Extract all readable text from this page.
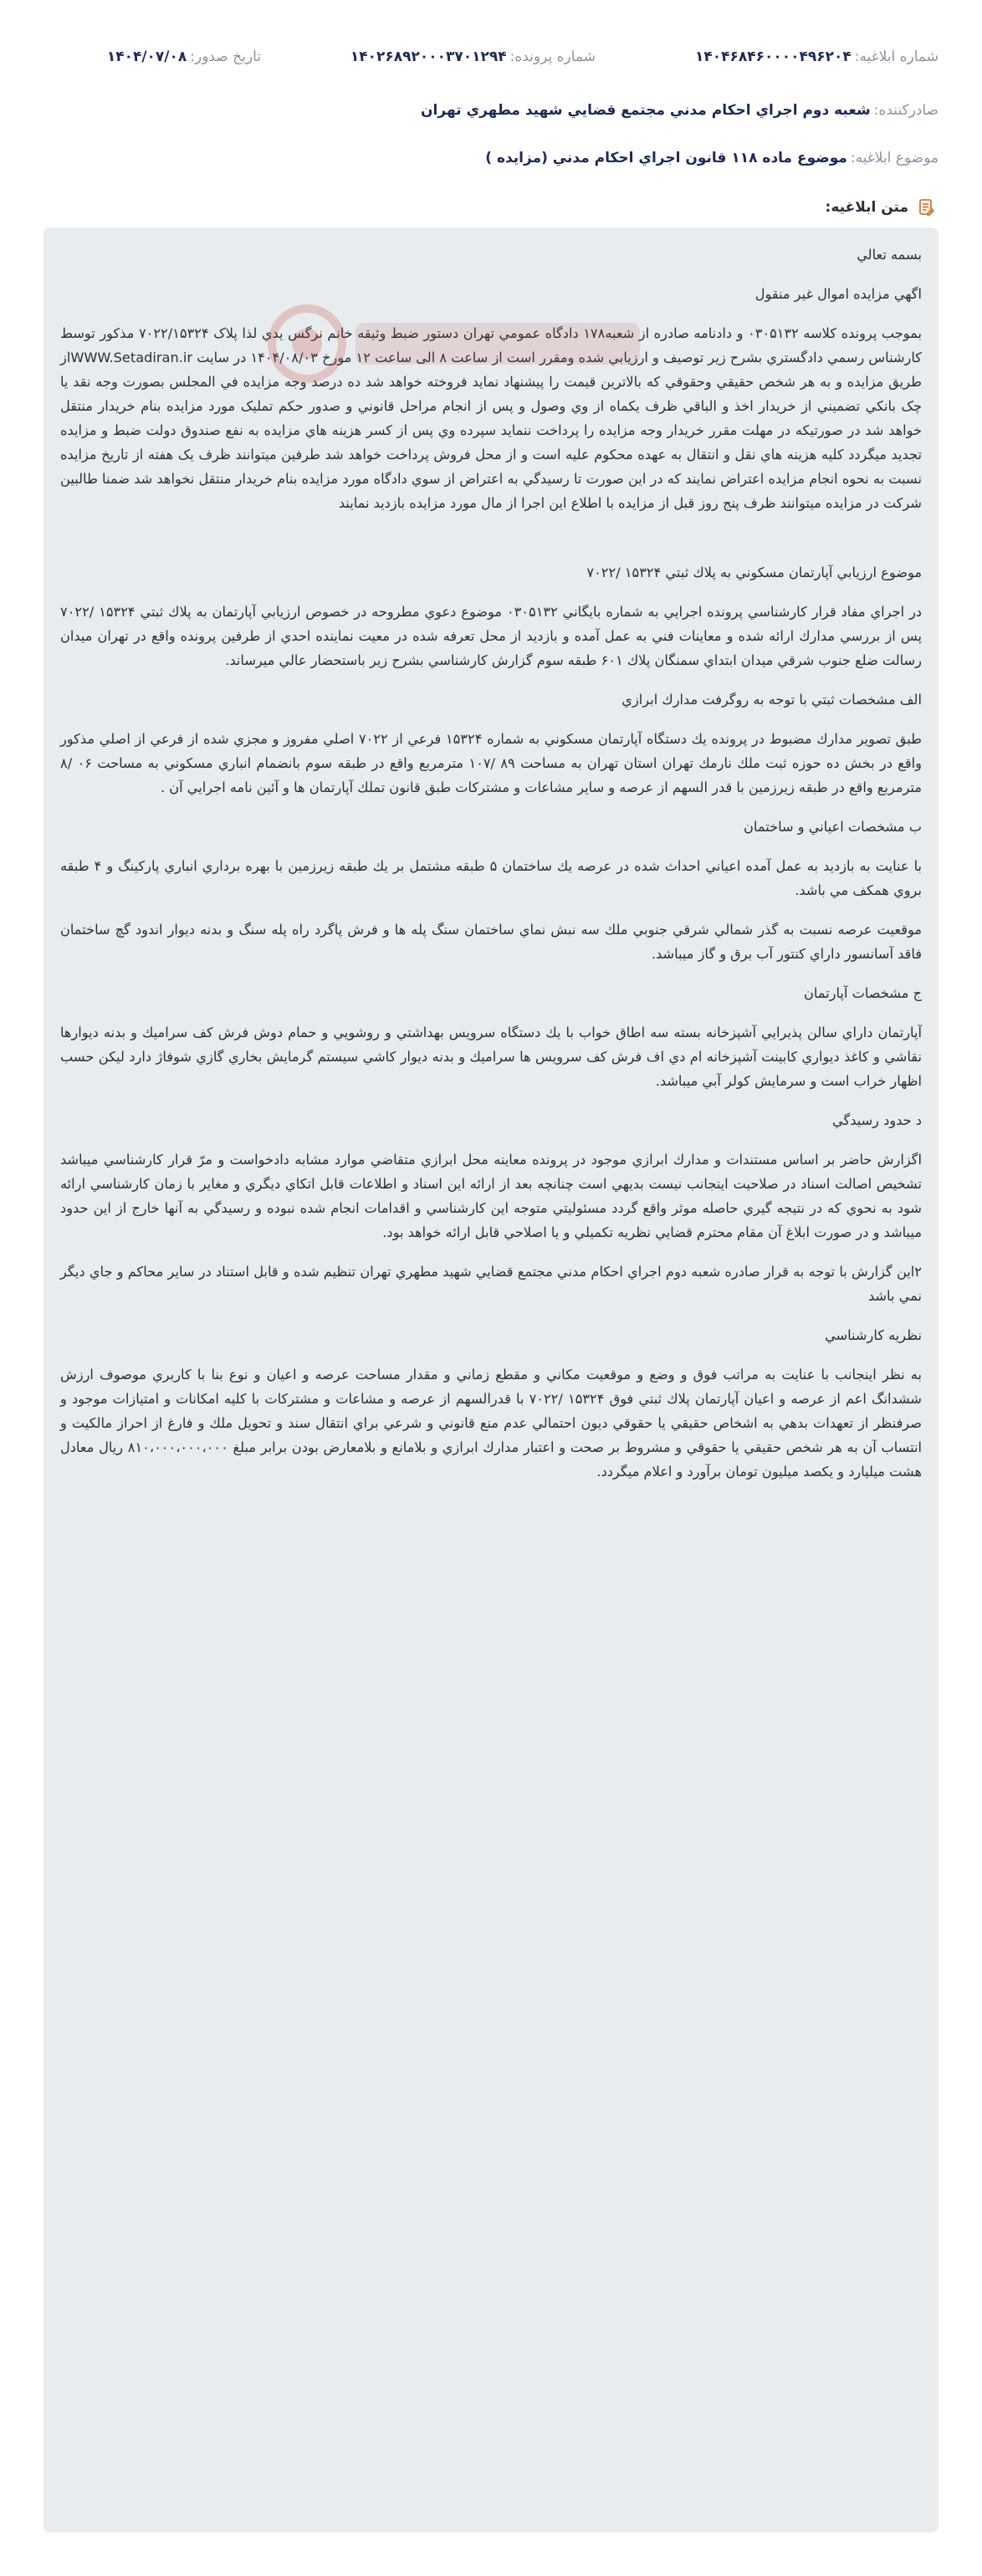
شماره ابلاغیه:
۱۴۰۴۶۸۴۶۰۰۰۰۴۹۶۲۰۴
شماره پرونده:
۱۴۰۲۶۸۹۲۰۰۰۳۷۰۱۲۹۴
تاریخ صدور:
۱۴۰۴/۰۷/۰۸
صادرکننده:
شعبه دوم اجراي احكام مدني مجتمع قضايي شهيد مطهري تهران
موضوع ابلاغیه:
موضوع ماده ۱۱۸ قانون اجراي احكام مدني (مزايده )
متن ابلاغیه:

بسمه تعالي

اگهي مزايده اموال غير منقول

بموجب پرونده کلاسه ۰۳۰۵۱۳۲ و دادنامه صادره از شعبه۱۷۸ دادگاه عمومي تهران دستور ضبط وثيقه خانم نرگس يدي لذا پلاک ۷۰۲۲/۱۵۳۲۴ مذکور توسط کارشناس رسمي دادگستري بشرح زير توصيف و ارزيابي شده ومقرر است از ساعت ۸ الی ساعت ۱۲ مورخ ۱۴۰۴/۰۸/۰۳ در سايت WWW.Setadiran.irاز طريق مزايده و به هر شخص حقيقي وحقوقي که بالاترين قيمت را پيشنهاد نمايد فروخته خواهد شد ده درصد وجه مزايده في المجلس بصورت وجه نقد يا چک بانکي تضميني از خريدار اخذ و الباقي ظرف يکماه از وي وصول و پس از انجام مراحل قانوني و صدور حکم تمليک مورد مزايده بنام خريدار منتقل خواهد شد در صورتيکه در مهلت مقرر خريدار وجه مزايده را پرداخت ننمايد سپرده وي پس از کسر هزينه هاي مزايده به نفع صندوق دولت ضبط و مزايده تجديد ميگردد کليه هزينه هاي نقل و انتقال به عهده محکوم عليه است و از محل فروش پرداخت خواهد شد طرفين ميتوانند ظرف يک هفته از تاريخ مزايده نسبت به نحوه انجام مزايده اعتراض نمايند که در اين صورت تا رسيدگي به اعتراض از سوي دادگاه مورد مزايده بنام خريدار منتقل نخواهد شد ضمنا طالبين شرکت در مزايده ميتوانند ظرف پنج روز قبل از مزايده با اطلاع اين اجرا از مال مورد مزايده بازديد نمايند

موضوع ارزيابي آپارتمان مسكوني به پلاك ثبتي ۱۵۳۲۴ /۷۰۲۲

در اجراي مفاد قرار كارشناسي پرونده اجرايي به شماره بايگاني ۰۳۰۵۱۳۲ موضوع دعوي مطروحه در خصوص ارزيابي آپارتمان به پلاك ثبتي ۱۵۳۲۴ /۷۰۲۲ پس از بررسي مدارك ارائه شده و معاينات فني به عمل آمده و بازديد از محل تعرفه شده در معيت نماينده احدي از طرفين پرونده واقع در تهران ميدان رسالت ضلع جنوب شرقي ميدان ابتداي سمنگان پلاك ۶۰۱ طبقه سوم گزارش كارشناسي بشرح زير باستحضار عالي ميرساند.

الف مشخصات ثبتي با توجه به روگرفت مدارك ابرازي

طبق تصوير مدارك مضبوط در پرونده يك دستگاه آپارتمان مسكوني به شماره ۱۵۳۲۴ فرعي از ۷۰۲۲ اصلي مفروز و مجزي شده از فرعي از اصلي مذكور واقع در بخش ده حوزه ثبت ملك نارمك تهران استان تهران به مساحت ۸۹ /۱۰۷ مترمربع واقع در طبقه سوم بانضمام انباري مسكوني به مساحت ۰۶ /۸ مترمربع واقع در طبقه زيرزمين با قدر السهم از عرصه و ساير مشاعات و مشتركات طبق قانون تملك آپارتمان ها و آئين نامه اجرايي آن .

ب مشخصات اعياني و ساختمان

با عنايت به بازديد به عمل آمده اعياني احداث شده در عرصه يك ساختمان ۵ طبقه مشتمل بر يك طبقه زيرزمين با بهره برداري انباري پاركينگ و ۴ طبقه بروي همكف مي باشد.

موقعيت عرصه نسبت به گذر شمالي شرقي جنوبي ملك سه نبش نماي ساختمان سنگ پله ها و فرش پاگرد راه پله سنگ و بدنه ديوار اندود گچ ساختمان فاقد آسانسور داراي كنتور آب برق و گاز ميباشد.

ج مشخصات آپارتمان

آپارتمان داراي سالن پذيرايي آشپزخانه بسته سه اطاق خواب با يك دستگاه سرويس بهداشتي و روشويي و حمام دوش فرش كف سراميك و بدنه ديوارها نقاشي و كاغذ ديواري كابينت آشپزخانه ام دي اف فرش كف سرويس ها سراميك و بدنه ديوار كاشي سيستم گرمايش بخاري گازي شوفاژ دارد ليكن حسب اظهار خراب است و سرمايش كولر آبي ميباشد.

د حدود رسيدگي

اگزارش حاضر بر اساس مستندات و مدارك ابرازي موجود در پرونده معاينه محل ابرازي متقاضي موارد مشابه دادخواست و مرّ قرار كارشناسي ميباشد تشخيص اصالت اسناد در صلاحيت اينجانب نيست بديهي است چنانچه بعد از ارائه اين اسناد و اطلاعات قابل اتكاي ديگري و مغاير با زمان كارشناسي ارائه شود به نحوي كه در نتيجه گيري حاصله موثر واقع گردد مسئوليتي متوجه اين كارشناسي و اقدامات انجام شده نبوده و رسيدگي به آنها خارج از اين حدود ميباشد و در صورت ابلاغ آن مقام محترم قضايي نظريه تكميلي و يا اصلاحي قابل ارائه خواهد بود.

۲اين گزارش با توجه به قرار صادره شعبه دوم اجراي احكام مدني مجتمع قضايي شهيد مطهري تهران تنظيم شده و قابل استناد در ساير محاكم و جاي ديگر نمي باشد

نظريه كارشناسي

به نظر اينجانب با عنايت به مراتب فوق و وضع و موقعيت مكاني و مقطع زماني و مقدار مساحت عرصه و اعيان و نوع بنا با كاربري موصوف ارزش ششدانگ اعم از عرصه و اعيان آپارتمان پلاك ثبتي فوق ۱۵۳۲۴ /۷۰۲۲ با قدرالسهم از عرصه و مشاعات و مشتركات با كليه امكانات و امتيازات موجود و صرفنظر از تعهدات بدهي به اشخاص حقيقي يا حقوقي ديون احتمالي عدم منع قانوني و شرعي براي انتقال سند و تحويل ملك و فارغ از احراز مالكيت و انتساب آن به هر شخص حقيقي يا حقوقي و مشروط بر صحت و اعتبار مدارك ابرازي و بلامانع و بلامعارض بودن برابر مبلغ ۸۱۰،۰۰۰،۰۰۰،۰۰۰ ريال معادل هشت ميليارد و يكصد ميليون تومان برآورد و اعلام ميگردد.
